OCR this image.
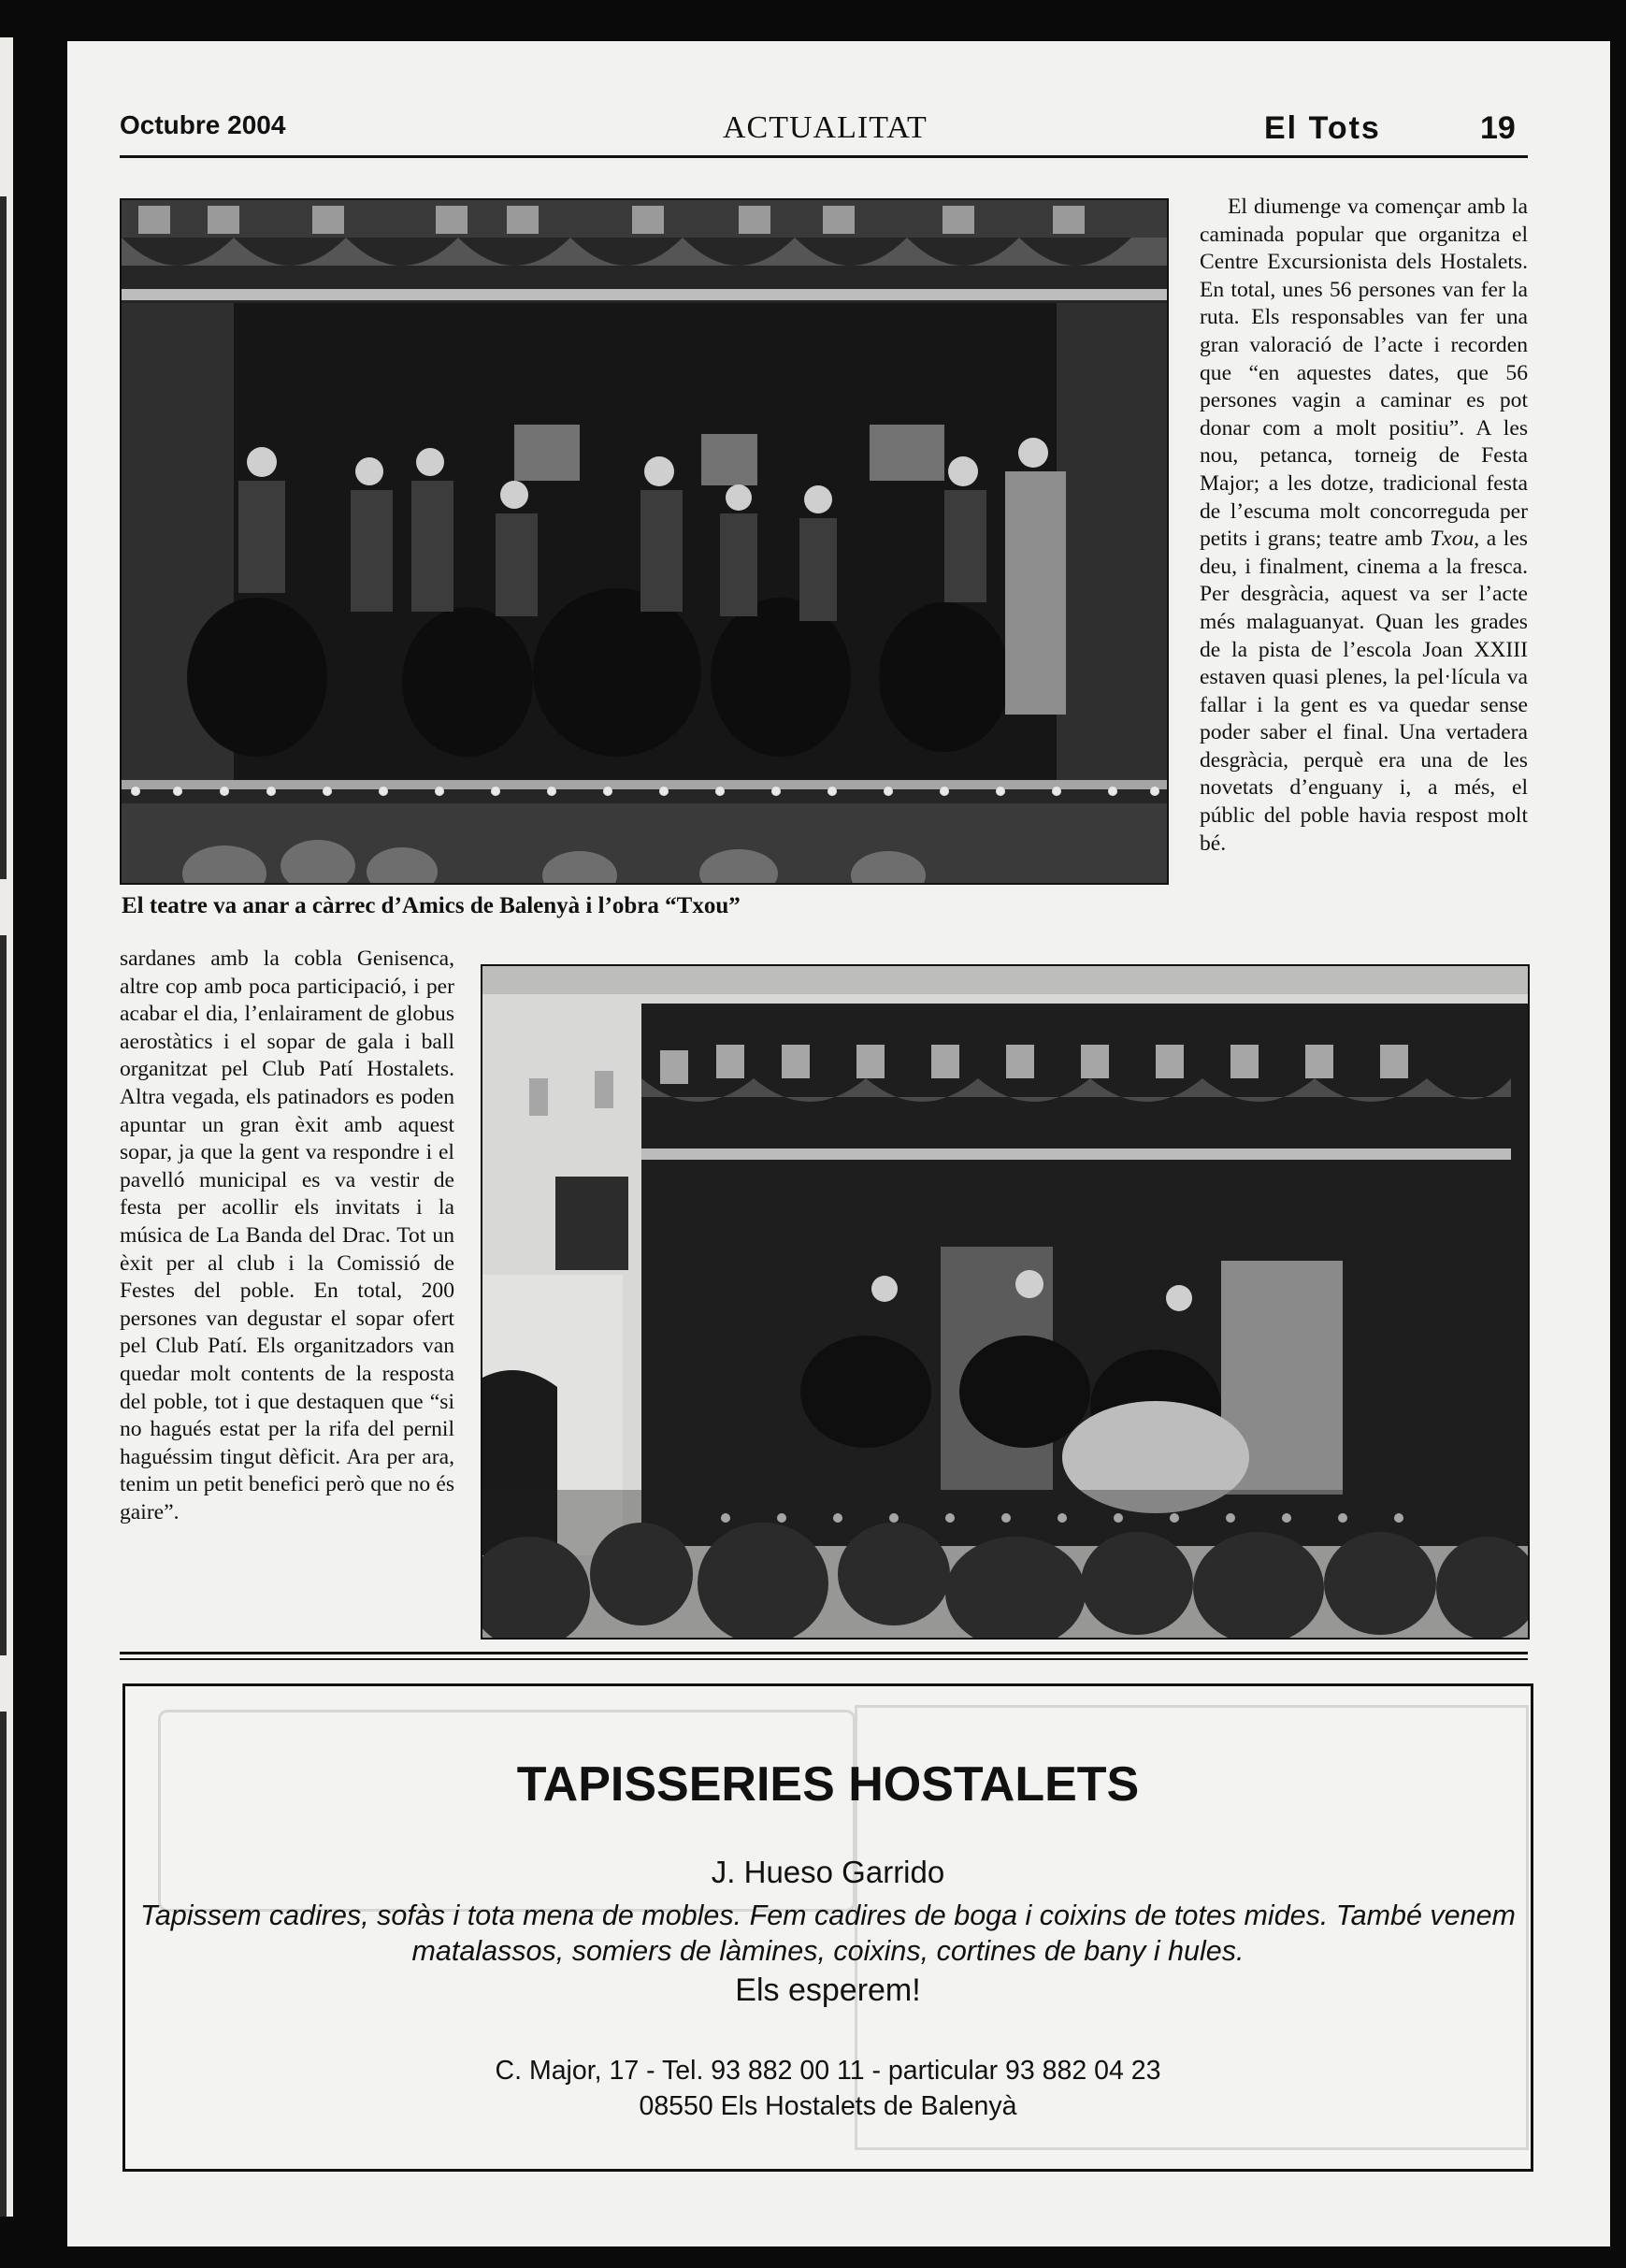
Octubre 2004	ACTUALITAT	El Tots	19
El teatre va anar a càrrec d’Amics de Balenyà i l’obra “Txou”

El diumenge va començar amb la caminada popular que organitza el Centre Excursionista dels Hostalets. En total, unes 56 persones van fer la ruta. Els responsables van fer una gran valoració de l’acte i recorden que “en aquestes dates, que 56 persones vagin a caminar es pot donar com a molt positiu”. A les nou, petanca, torneig de Festa Major; a les dotze, tradicional festa de l’escuma molt concorreguda per petits i grans; teatre amb Txou, a les deu, i finalment, cinema a la fresca. Per desgràcia, aquest va ser l’acte més malaguanyat. Quan les grades de la pista de l’escola Joan XXIII estaven quasi plenes, la pel·lícula va fallar i la gent es va quedar sense poder saber el final. Una vertadera desgràcia, perquè era una de les novetats d’enguany i, a més, el públic del poble havia respost molt bé.

sardanes amb la cobla Genisenca, altre cop amb poca participació, i per acabar el dia, l’enlairament de globus aerostàtics i el sopar de gala i ball organitzat pel Club Patí Hostalets. Altra vegada, els patinadors es poden apuntar un gran èxit amb aquest sopar, ja que la gent va respondre i el pavelló municipal es va vestir de festa per acollir els invitats i la música de La Banda del Drac. Tot un èxit per al club i la Comissió de Festes del poble. En total, 200 persones van degustar el sopar ofert pel Club Patí. Els organitzadors van quedar molt contents de la resposta del poble, tot i que destaquen que “si no hagués estat per la rifa del pernil haguéssim tingut dèficit. Ara per ara, tenim un petit benefici però que no és gaire”.

TAPISSERIES HOSTALETS
J. Hueso Garrido
Tapissem cadires, sofàs i tota mena de mobles. Fem cadires de boga i coixins de totes mides. També venem matalassos, somiers de làmines, coixins, cortines de bany i hules.
Els esperem!
C. Major, 17 - Tel. 93 882 00 11 - particular 93 882 04 23
08550 Els Hostalets de Balenyà
